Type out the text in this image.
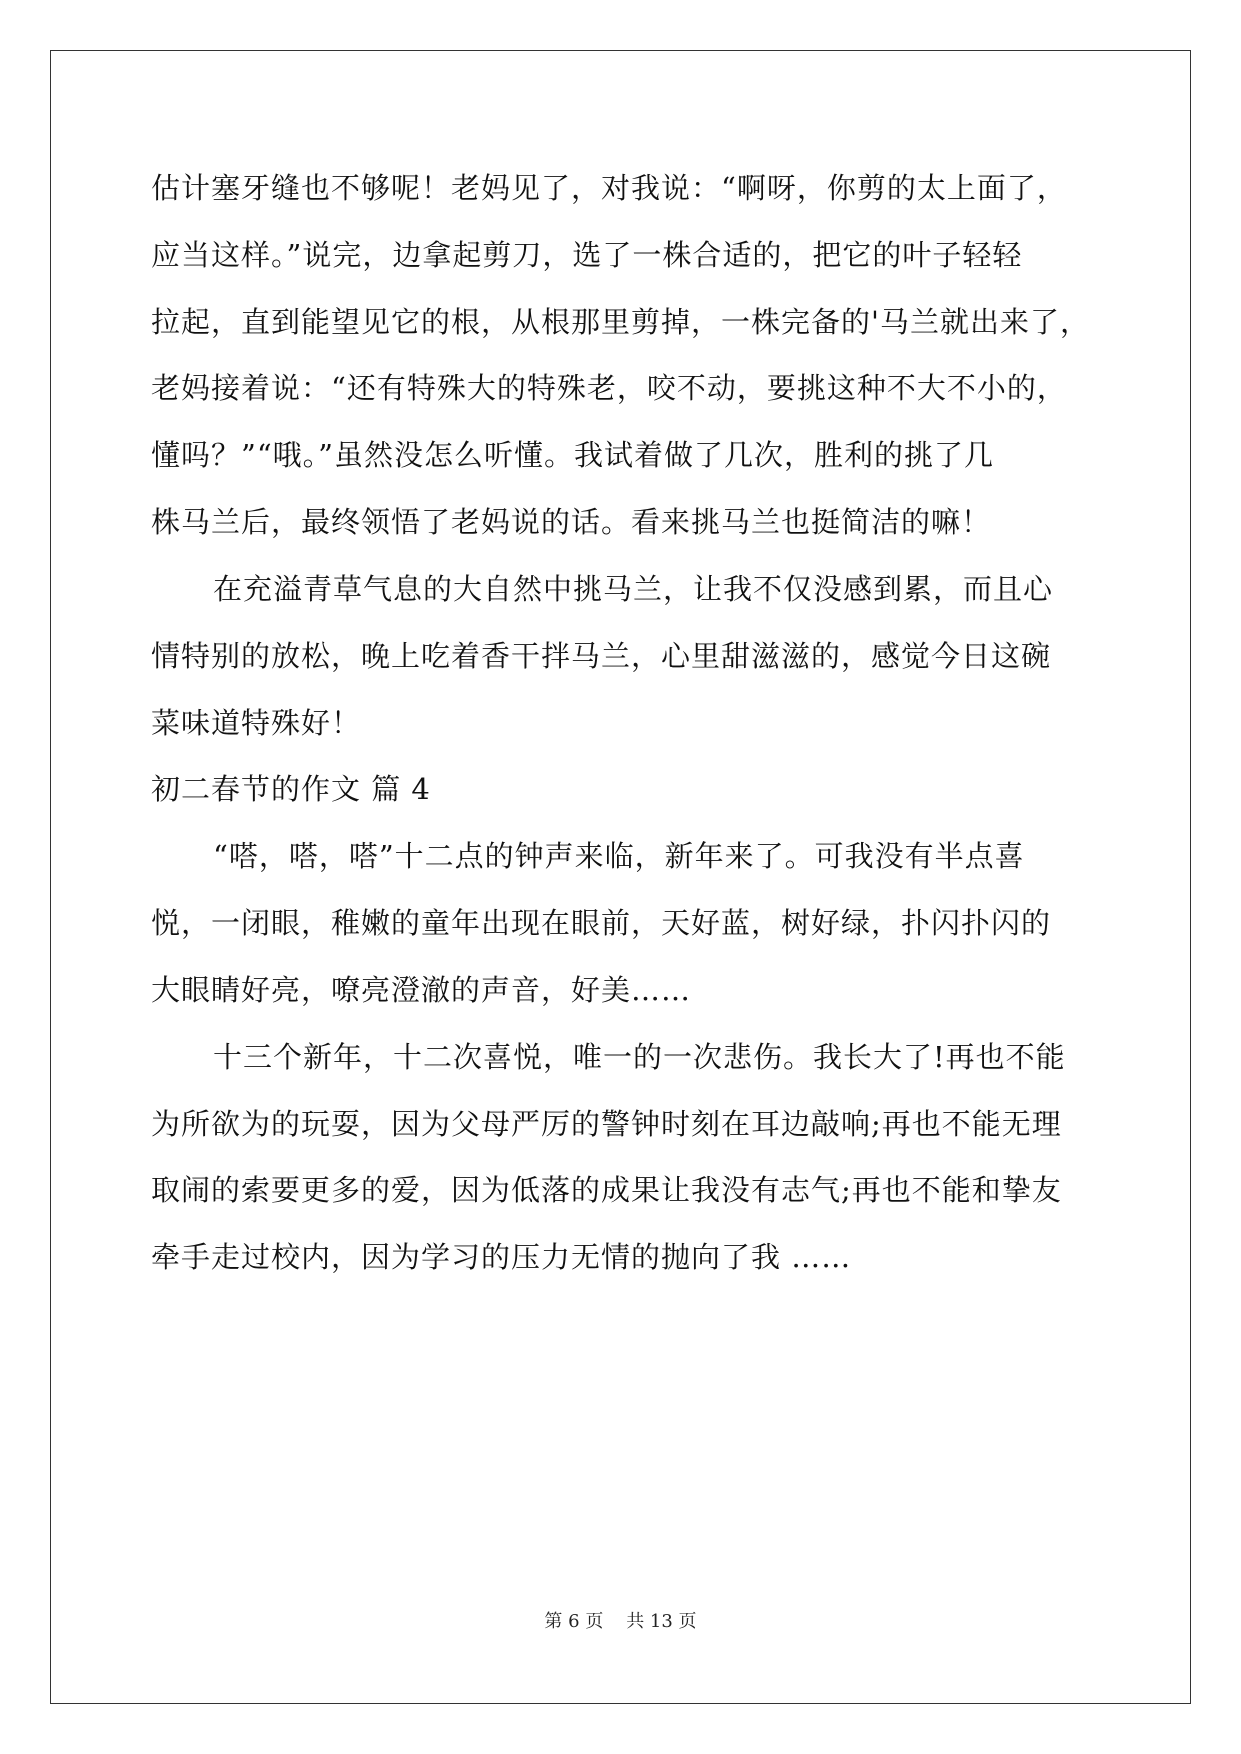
估计塞牙缝也不够呢！老妈见了，对我说：“啊呀，你剪的太上面了，
应当这样。”说完，边拿起剪刀，选了一株合适的，把它的叶子轻轻
拉起，直到能望见它的根，从根那里剪掉，一株完备的'马兰就出来了，
老妈接着说：“还有特殊大的特殊老，咬不动，要挑这种不大不小的，
懂吗？”“哦。”虽然没怎么听懂。我试着做了几次，胜利的挑了几
株马兰后，最终领悟了老妈说的话。看来挑马兰也挺简洁的嘛！
在充溢青草气息的大自然中挑马兰，让我不仅没感到累，而且心
情特别的放松，晚上吃着香干拌马兰，心里甜滋滋的，感觉今日这碗
菜味道特殊好！
初二春节的作文 篇 4
“嗒，嗒，嗒”十二点的钟声来临，新年来了。可我没有半点喜
悦，一闭眼，稚嫩的童年出现在眼前，天好蓝，树好绿，扑闪扑闪的
大眼睛好亮，嘹亮澄澈的声音，好美……
十三个新年，十二次喜悦，唯一的一次悲伤。我长大了!再也不能
为所欲为的玩耍，因为父母严厉的警钟时刻在耳边敲响;再也不能无理
取闹的索要更多的爱，因为低落的成果让我没有志气;再也不能和挚友
牵手走过校内，因为学习的压力无情的抛向了我 ……
第 6 页    共 13 页
